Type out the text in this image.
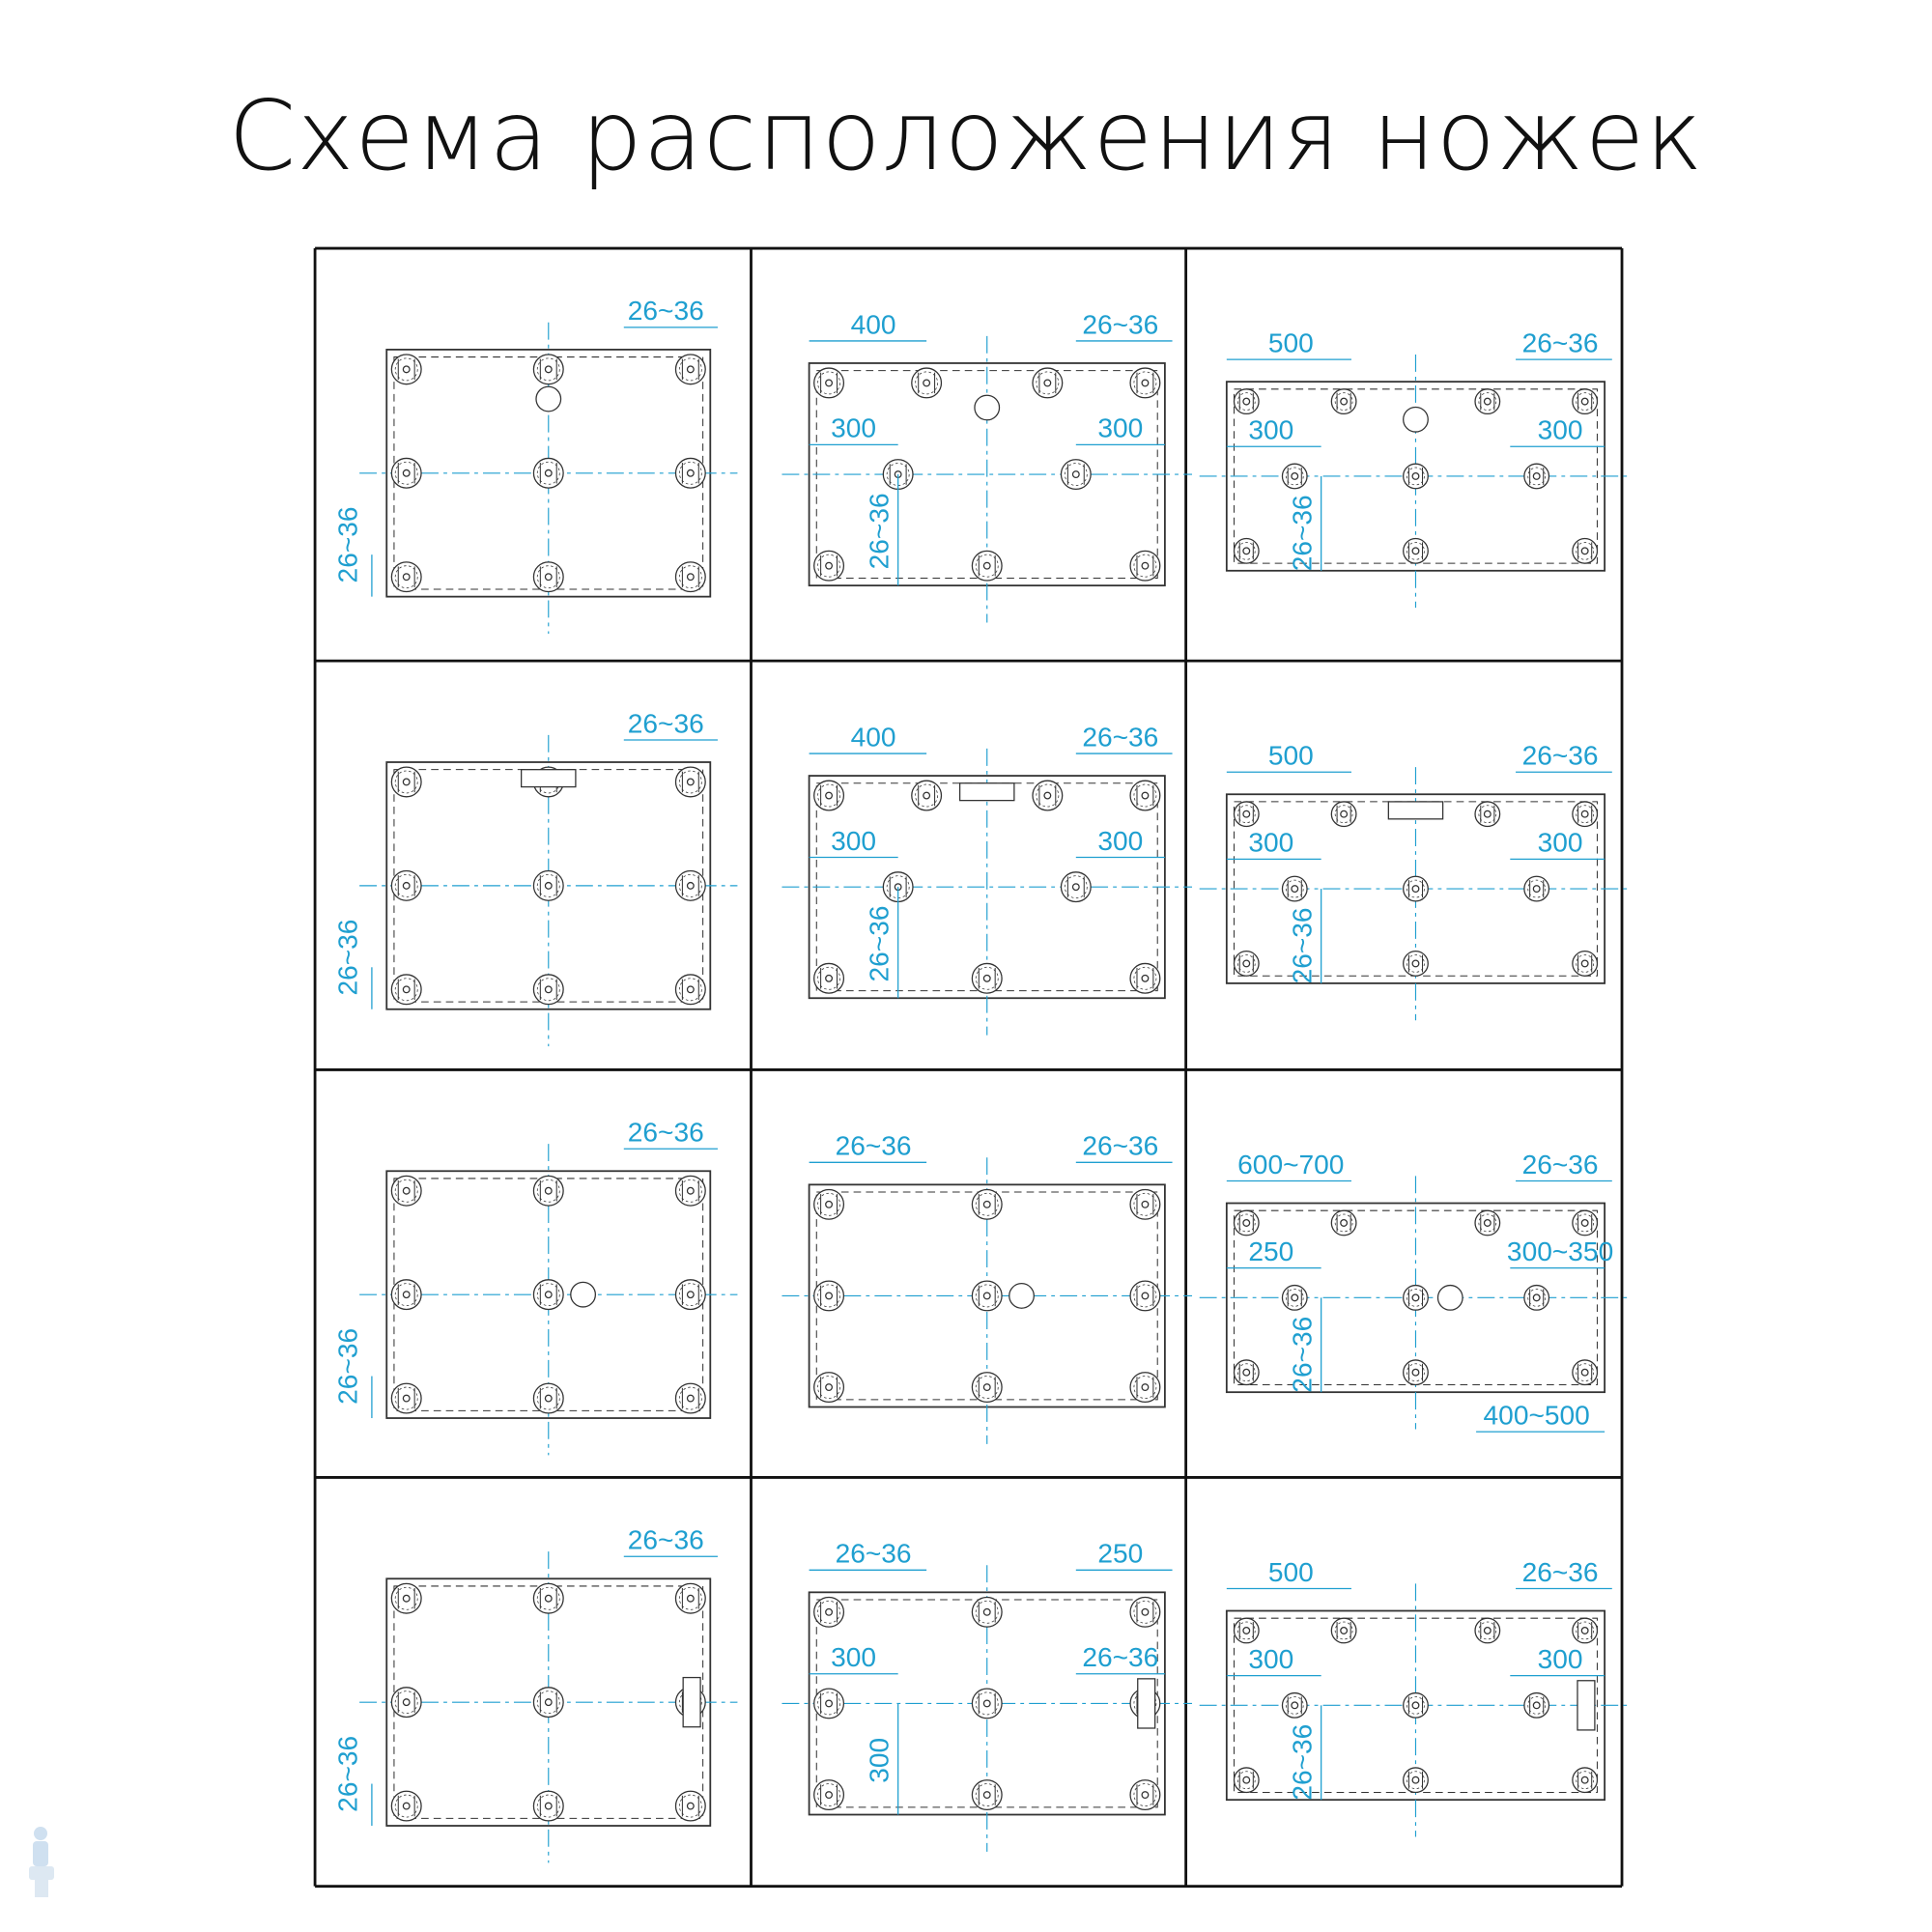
Схема расположения ножек
26~36
26~36
26~36
400
300	300
26~36
26~36
500
300	300
26~36
26~36
26~36
26~36
400
300	300
26~36
26~36
500
300	300
26~36
26~36
26~36
26~36
26~36
26~36
600~700
250	300~350
26~36
400~500
26~36
26~36
250
26~36
300	26~36
300
26~36
500
300	300
26~36
